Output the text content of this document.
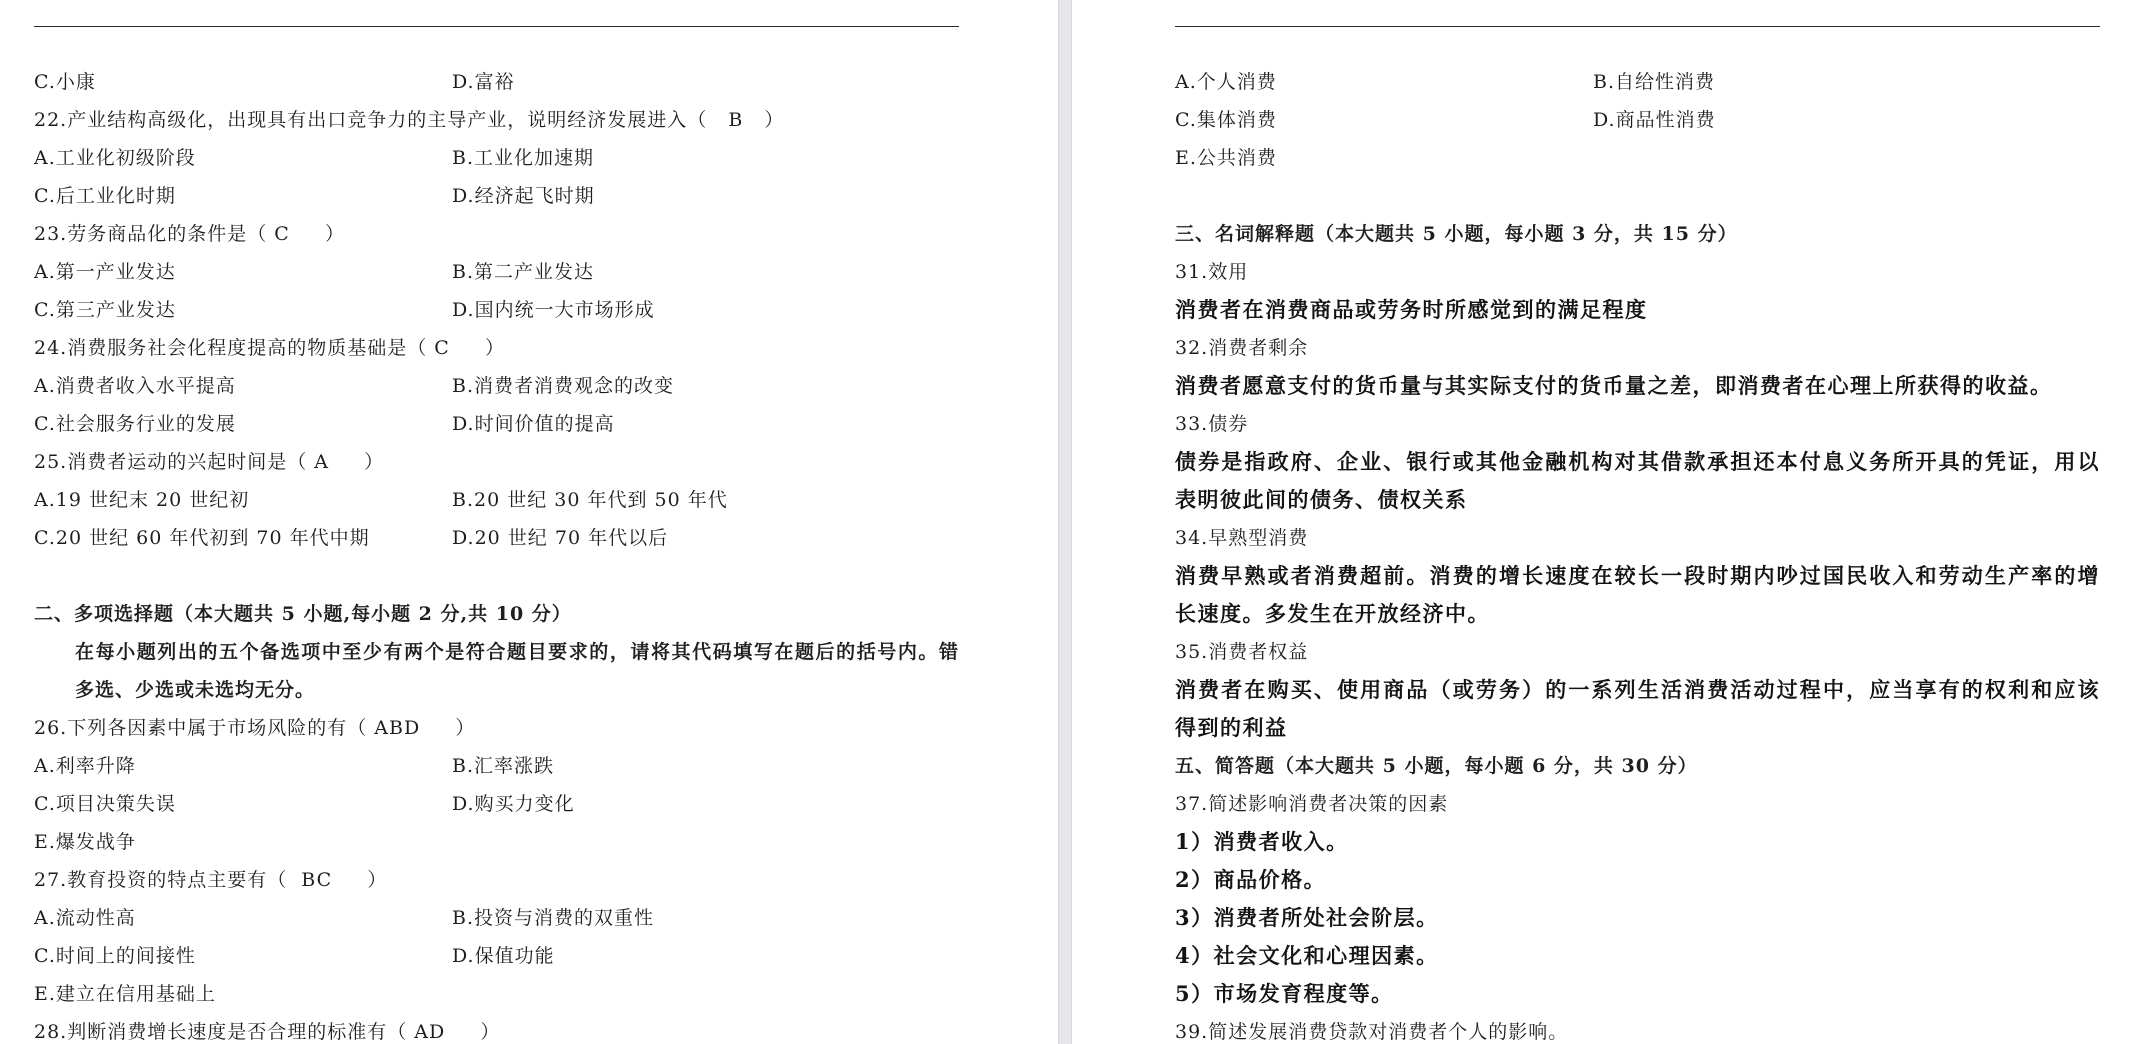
C.小康	D.富裕
22.产业结构高级化，出现具有出口竞争力的主导产业，说明经济发展进入（   B   ）
A.工业化初级阶段	B.工业化加速期
C.后工业化时期	D.经济起飞时期
23.劳务商品化的条件是（ C     ）
A.第一产业发达	B.第二产业发达
C.第三产业发达	D.国内统一大市场形成
24.消费服务社会化程度提高的物质基础是（ C     ）
A.消费者收入水平提高	B.消费者消费观念的改变
C.社会服务行业的发展	D.时间价值的提高
25.消费者运动的兴起时间是（ A     ）
A.19 世纪末 20 世纪初	B.20 世纪 30 年代到 50 年代
C.20 世纪 60 年代初到 70 年代中期	D.20 世纪 70 年代以后
二、多项选择题（本大题共 5 小题,每小题 2 分,共 10 分）
在每小题列出的五个备选项中至少有两个是符合题目要求的，请将其代码填写在题后的括号内。错
多选、少选或未选均无分。
26.下列各因素中属于市场风险的有（ ABD     ）
A.利率升降	B.汇率涨跌
C.项目决策失误	D.购买力变化
E.爆发战争
27.教育投资的特点主要有（  BC     ）
A.流动性高	B.投资与消费的双重性
C.时间上的间接性	D.保值功能
E.建立在信用基础上
28.判断消费增长速度是否合理的标准有（ AD     ）
A.个人消费	B.自给性消费
C.集体消费	D.商品性消费
E.公共消费
三、名词解释题（本大题共 5 小题，每小题 3 分，共 15 分）
31.效用
消费者在消费商品或劳务时所感觉到的满足程度
32.消费者剩余
消费者愿意支付的货币量与其实际支付的货币量之差，即消费者在心理上所获得的收益。
33.债券
债券是指政府、企业、银行或其他金融机构对其借款承担还本付息义务所开具的凭证，用以
表明彼此间的债务、债权关系
34.早熟型消费
消费早熟或者消费超前。消费的增长速度在较长一段时期内吵过国民收入和劳动生产率的增
长速度。多发生在开放经济中。
35.消费者权益
消费者在购买、使用商品（或劳务）的一系列生活消费活动过程中，应当享有的权利和应该
得到的利益
五、简答题（本大题共 5 小题，每小题 6 分，共 30 分）
37.简述影响消费者决策的因素
1）消费者收入。
2）商品价格。
3）消费者所处社会阶层。
4）社会文化和心理因素。
5）市场发育程度等。
39.简述发展消费贷款对消费者个人的影响。
